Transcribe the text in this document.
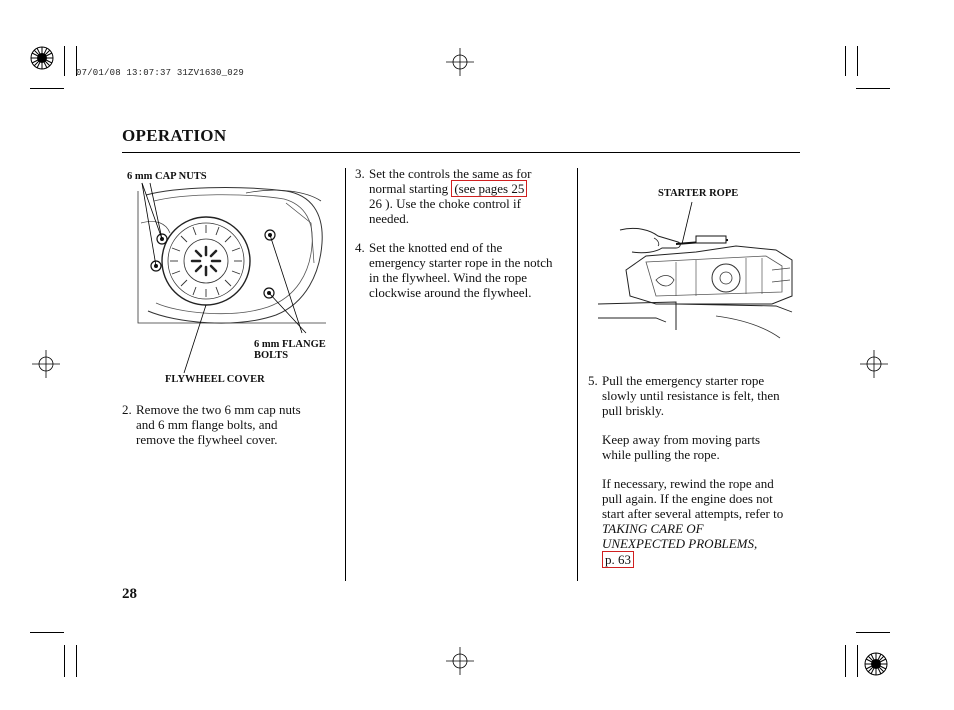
07/01/08 13:07:37 31ZV1630_029
OPERATION
6 mm CAP NUTS
6 mm FLANGE
BOLTS
FLYWHEEL COVER
2. Remove the two 6 mm cap nuts
and 6 mm flange bolts, and
remove the flywheel cover.
3. Set the controls the same as for
normal starting (see pages 25
26 ). Use the choke control if
needed.
4. Set the knotted end of the
emergency starter rope in the notch
in the flywheel. Wind the rope
clockwise around the flywheel.
STARTER ROPE
5. Pull the emergency starter rope
slowly until resistance is felt, then
pull briskly.
Keep away from moving parts
while pulling the rope.
If necessary, rewind the rope and
pull again. If the engine does not
start after several attempts, refer to
TAKING CARE OF
UNEXPECTED PROBLEMS,
p. 63
28
